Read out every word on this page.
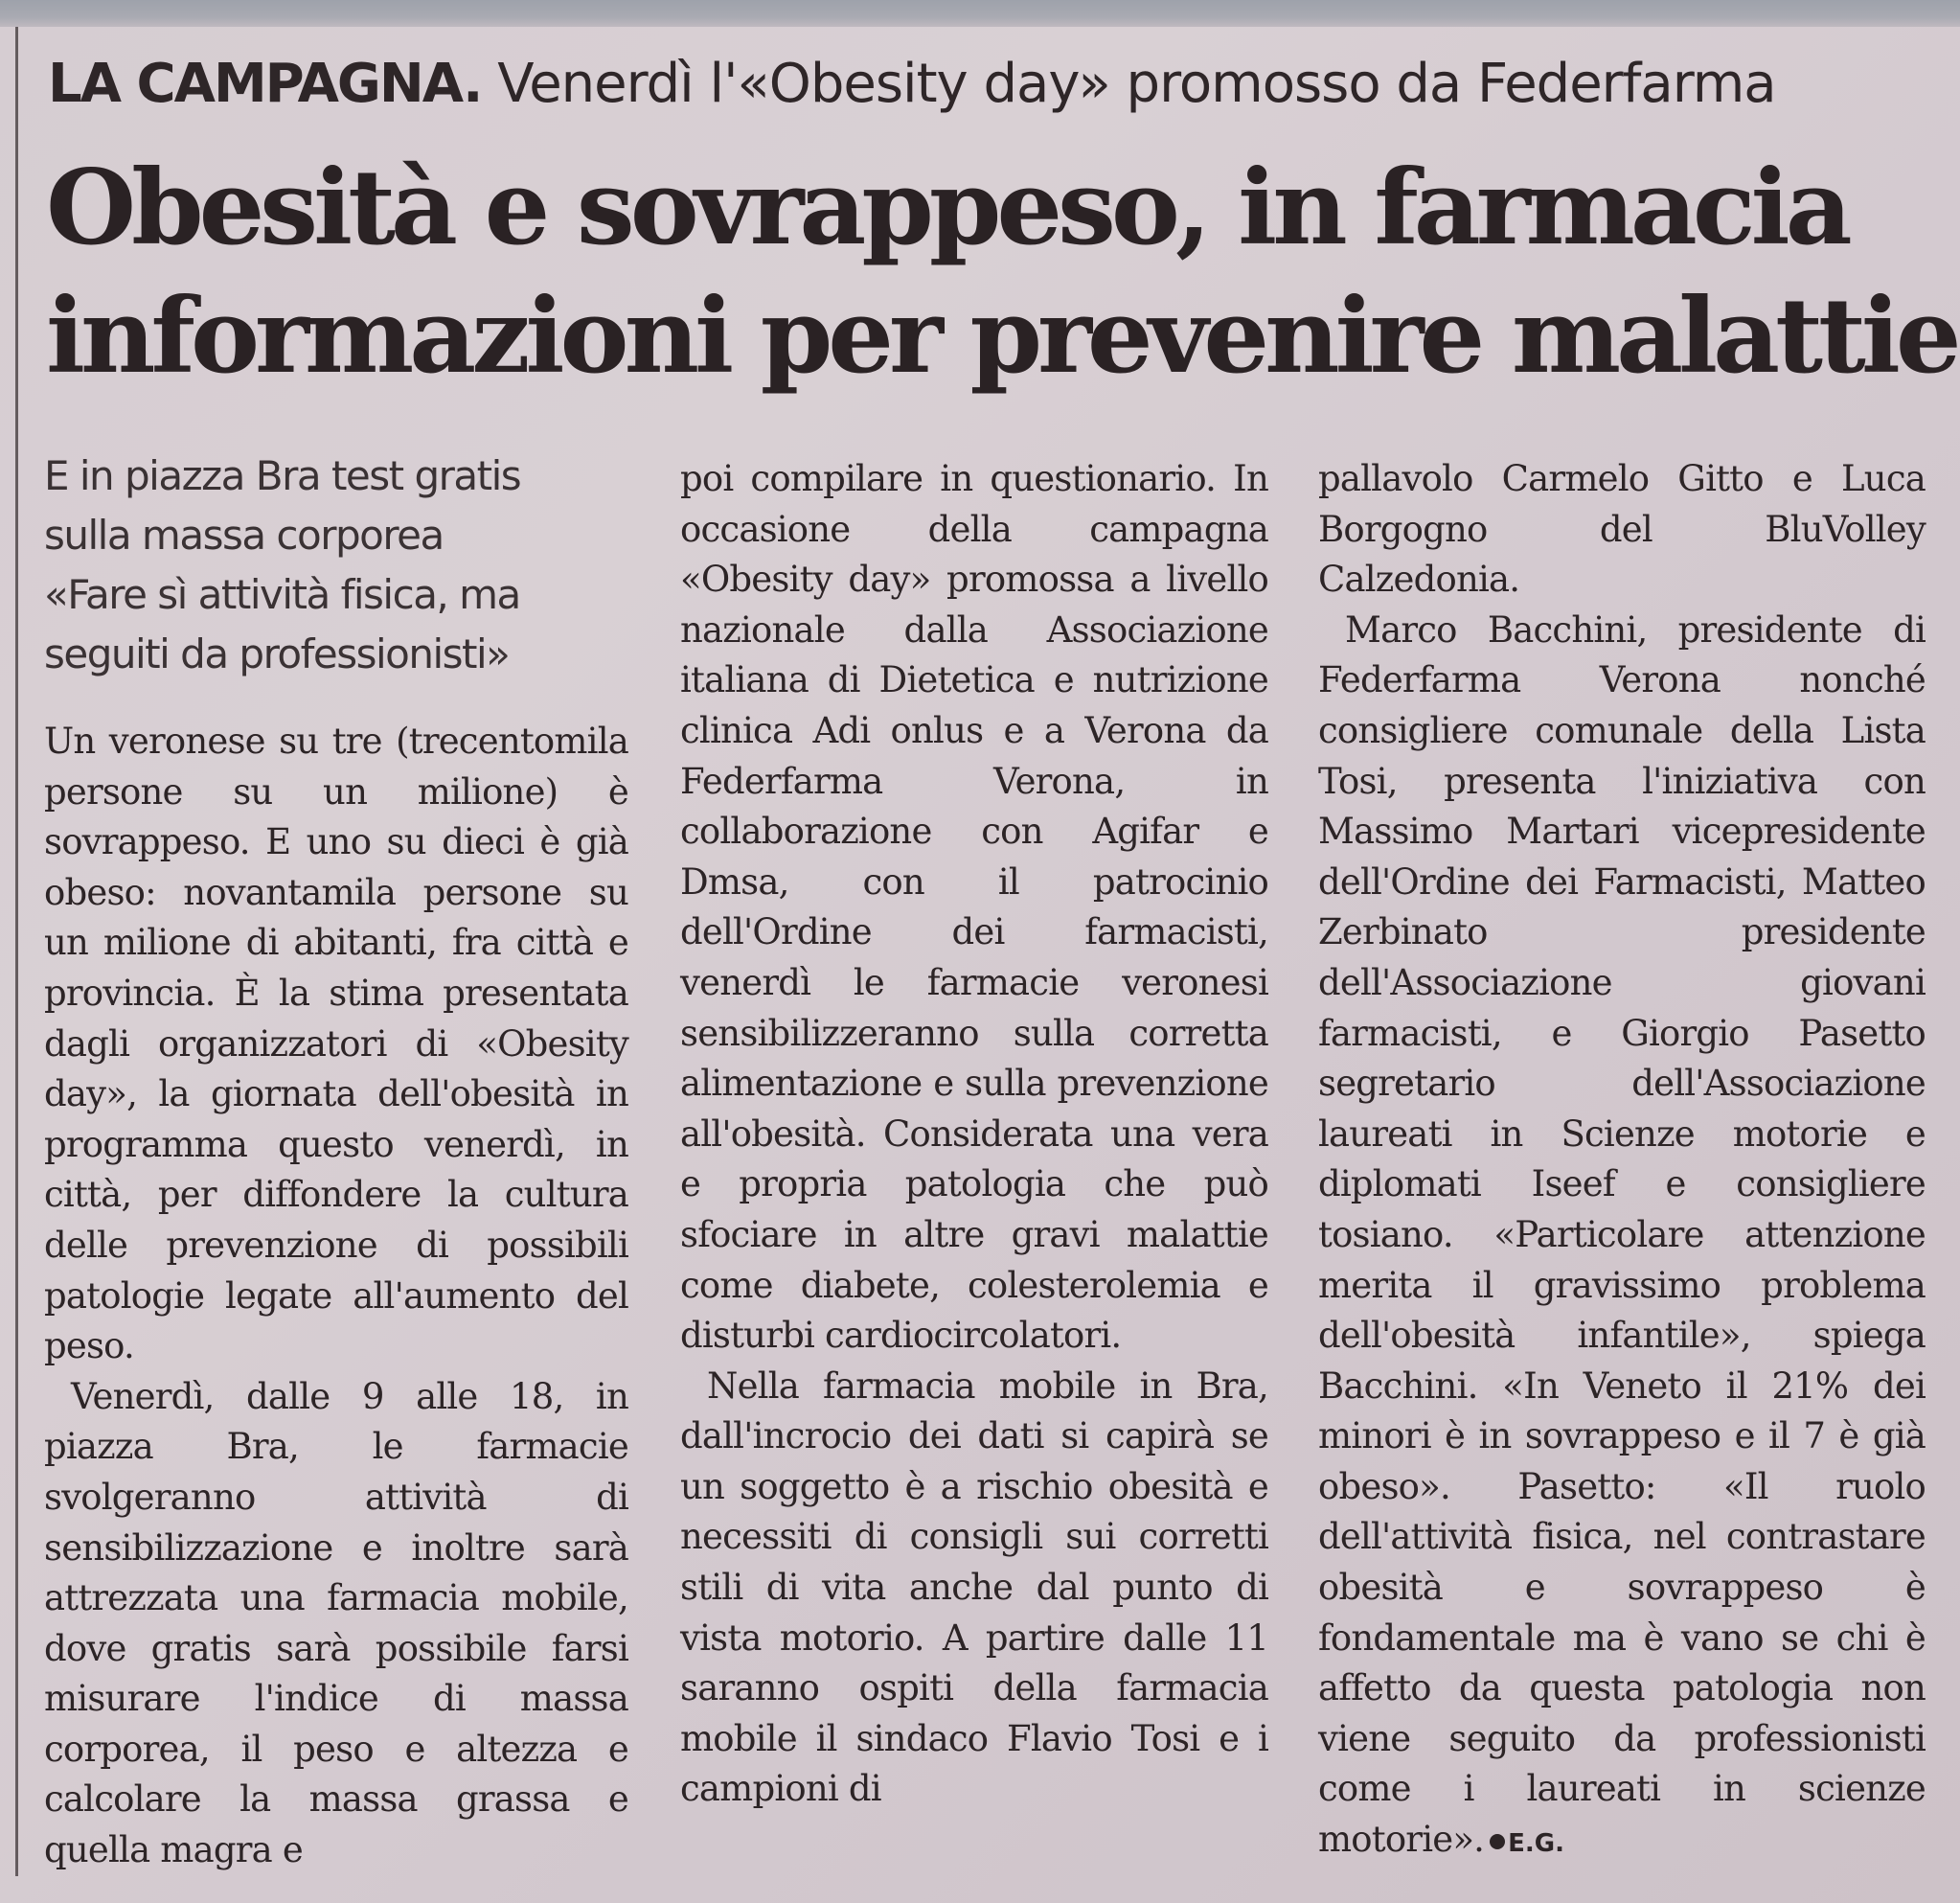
LA CAMPAGNA. Venerdì l'«Obesity day» promosso da Federfarma
Obesità e sovrappeso, in farmacia
informazioni per prevenire malattie
E in piazza Bra test gratis
sulla massa corporea
«Fare sì attività fisica, ma
seguiti da professionisti»

Un veronese su tre (trecentomila persone su un milione) è sovrappeso. E uno su dieci è già obeso: novantamila persone su un milione di abitanti, fra città e provincia. È la stima presentata dagli organizzatori di «Obesity day», la giornata dell'obesità in programma questo venerdì, in città, per diffondere la cultura delle prevenzione di possibili patologie legate all'aumento del peso.

Venerdì, dalle 9 alle 18, in piazza Bra, le farmacie svolgeranno attività di sensibilizzazione e inoltre sarà attrezzata una farmacia mobile, dove gratis sarà possibile farsi misurare l'indice di massa corporea, il peso e altezza e calcolare la massa grassa e quella magra e

poi compilare in questionario. In occasione della campagna «Obesity day» promossa a livello nazionale dalla Associazione italiana di Dietetica e nutrizione clinica Adi onlus e a Verona da Federfarma Verona, in collaborazione con Agifar e Dmsa, con il patrocinio dell'Ordine dei farmacisti, venerdì le farmacie veronesi sensibilizzeranno sulla corretta alimentazione e sulla prevenzione all'obesità. Considerata una vera e propria patologia che può sfociare in altre gravi malattie come diabete, colesterolemia e disturbi cardiocircolatori.

Nella farmacia mobile in Bra, dall'incrocio dei dati si capirà se un soggetto è a rischio obesità e necessiti di consigli sui corretti stili di vita anche dal punto di vista motorio. A partire dalle 11 saranno ospiti della farmacia mobile il sindaco Flavio Tosi e i campioni di

pallavolo Carmelo Gitto e Luca Borgogno del BluVolley Calzedonia.

Marco Bacchini, presidente di Federfarma Verona nonché consigliere comunale della Lista Tosi, presenta l'iniziativa con Massimo Martari vicepresidente dell'Ordine dei Farmacisti, Matteo Zerbinato presidente dell'Associazione giovani farmacisti, e Giorgio Pasetto segretario dell'Associazione laureati in Scienze motorie e diplomati Iseef e consigliere tosiano. «Particolare attenzione merita il gravissimo problema dell'obesità infantile», spiega Bacchini. «In Veneto il 21% dei minori è in sovrappeso e il 7 è già obeso». Pasetto: «Il ruolo dell'attività fisica, nel contrastare obesità e sovrappeso è fondamentale ma è vano se chi è affetto da questa patologia non viene seguito da professionisti come i laureati in scienze motorie». E.G.
